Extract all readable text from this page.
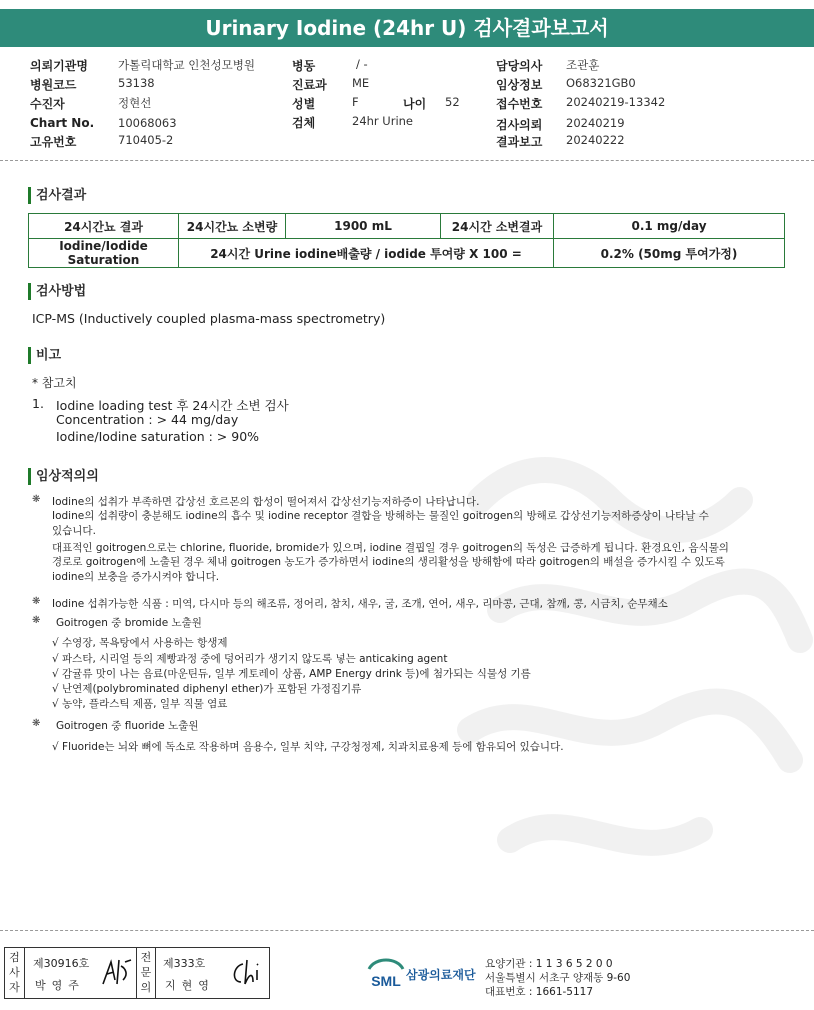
Urinary Iodine (24hr U) 검사결과보고서
의뢰기관명	가톨릭대학교 인천성모병원
병원코드	53138
수진자	정현선
Chart No. 10068063
고유번호	710405-2
병동	/ -
진료과 ME
성별	F	나이 52
검체	24hr Urine
담당의사 조관훈
임상정보 O68321GB0
접수번호 20240219-13342
검사의뢰 20240219
결과보고 20240222
검사결과
24시간뇨 결과	24시간뇨 소변량	1900 mL	24시간 소변결과	0.1 mg/day
Iodine/Iodide Saturation	24시간 Urine iodine배출량 / iodide 투여량 X 100 =			0.2% (50mg 투여가정)
검사방법
ICP-MS (Inductively coupled plasma-mass spectrometry)
비고
* 참고치
1. Iodine loading test 후 24시간 소변 검사
Concentration : > 44 mg/day
Iodine/Iodine saturation : > 90%
임상적의의
❋ Iodine의 섭취가 부족하면 갑상선 호르몬의 합성이 떨어져서 갑상선기능저하증이 나타납니다.
Iodine의 섭취량이 충분해도 iodine의 흡수 및 iodine receptor 결합을 방해하는 물질인 goitrogen의 방해로 갑상선기능저하증상이 나타날 수
있습니다.
대표적인 goitrogen으로는 chlorine, fluoride, bromide가 있으며, iodine 결핍일 경우 goitrogen의 독성은 급증하게 됩니다. 환경요인, 음식물의
경로로 goitrogen에 노출된 경우 체내 goitrogen 농도가 증가하면서 iodine의 생리활성을 방해함에 따라 goitrogen의 배설을 증가시킬 수 있도록
iodine의 보충을 증가시켜야 합니다.
❋ Iodine 섭취가능한 식품 : 미역, 다시마 등의 해조류, 정어리, 참치, 새우, 굴, 조개, 연어, 새우, 리마콩, 근대, 참깨, 콩, 시금치, 순무채소
❋ Goitrogen 중 bromide 노출원
√ 수영장, 목욕탕에서 사용하는 항생제
√ 파스타, 시리얼 등의 제빵과정 중에 덩어리가 생기지 않도록 넣는 anticaking agent
√ 감귤류 맛이 나는 음료(마운틴듀, 일부 게토레이 상품, AMP Energy drink 등)에 첨가되는 식물성 기름
√ 난연제(polybrominated diphenyl ether)가 포함된 가정집기류
√ 농약, 플라스틱 제품, 일부 직물 염료
❋ Goitrogen 중 fluoride 노출원
√ Fluoride는 뇌와 뼈에 독소로 작용하며 음용수, 일부 치약, 구강청정제, 치과치료용제 등에 함유되어 있습니다.
검
사
자
제30916호
박영주
전
문
의
제333호
지현영	SML 삼광의료재단
요양기관 : 1 1 3 6 5 2 0 0
서울특별시 서초구 양재동 9-60
대표번호 : 1661-5117
